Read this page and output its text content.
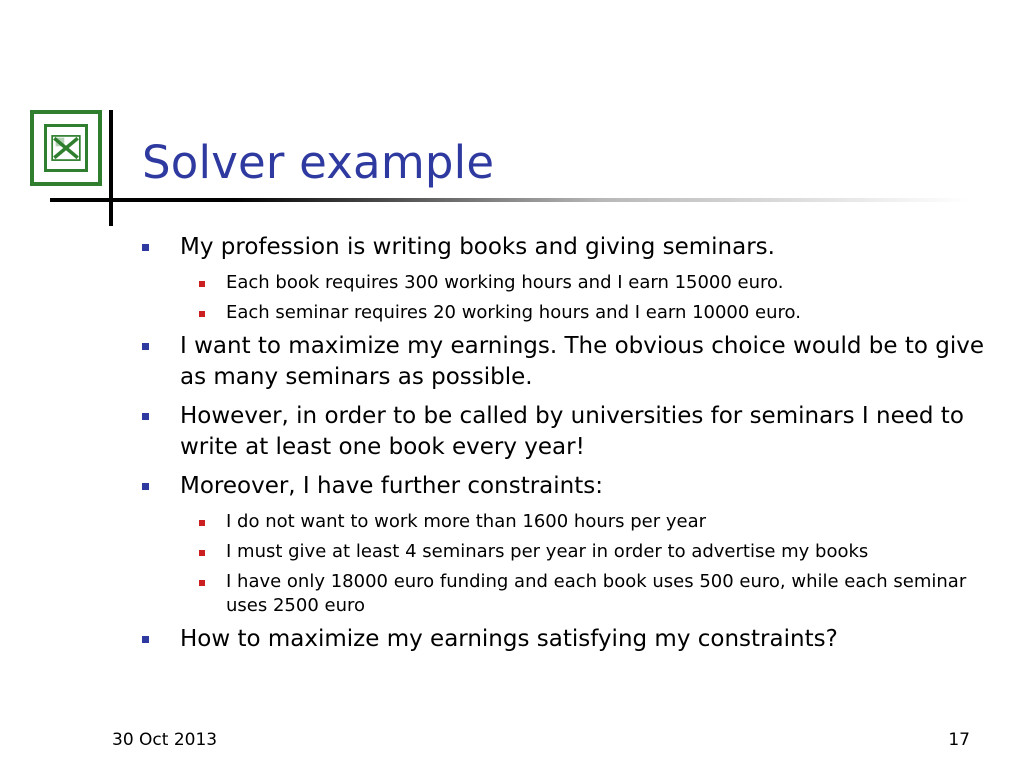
Solver example
My profession is writing books and giving seminars.
Each book requires 300 working hours and I earn 15000 euro.
Each seminar requires 20 working hours and I earn 10000 euro.
I want to maximize my earnings. The obvious choice would be to give as many seminars as possible.
However, in order to be called by universities for seminars I need to write at least one book every year!
Moreover, I have further constraints:
I do not want to work more than 1600 hours per year
I must give at least 4 seminars per year in order to advertise my books
I have only 18000 euro funding and each book uses 500 euro, while each seminar uses 2500 euro
How to maximize my earnings satisfying my constraints?
30 Oct 2013	17
